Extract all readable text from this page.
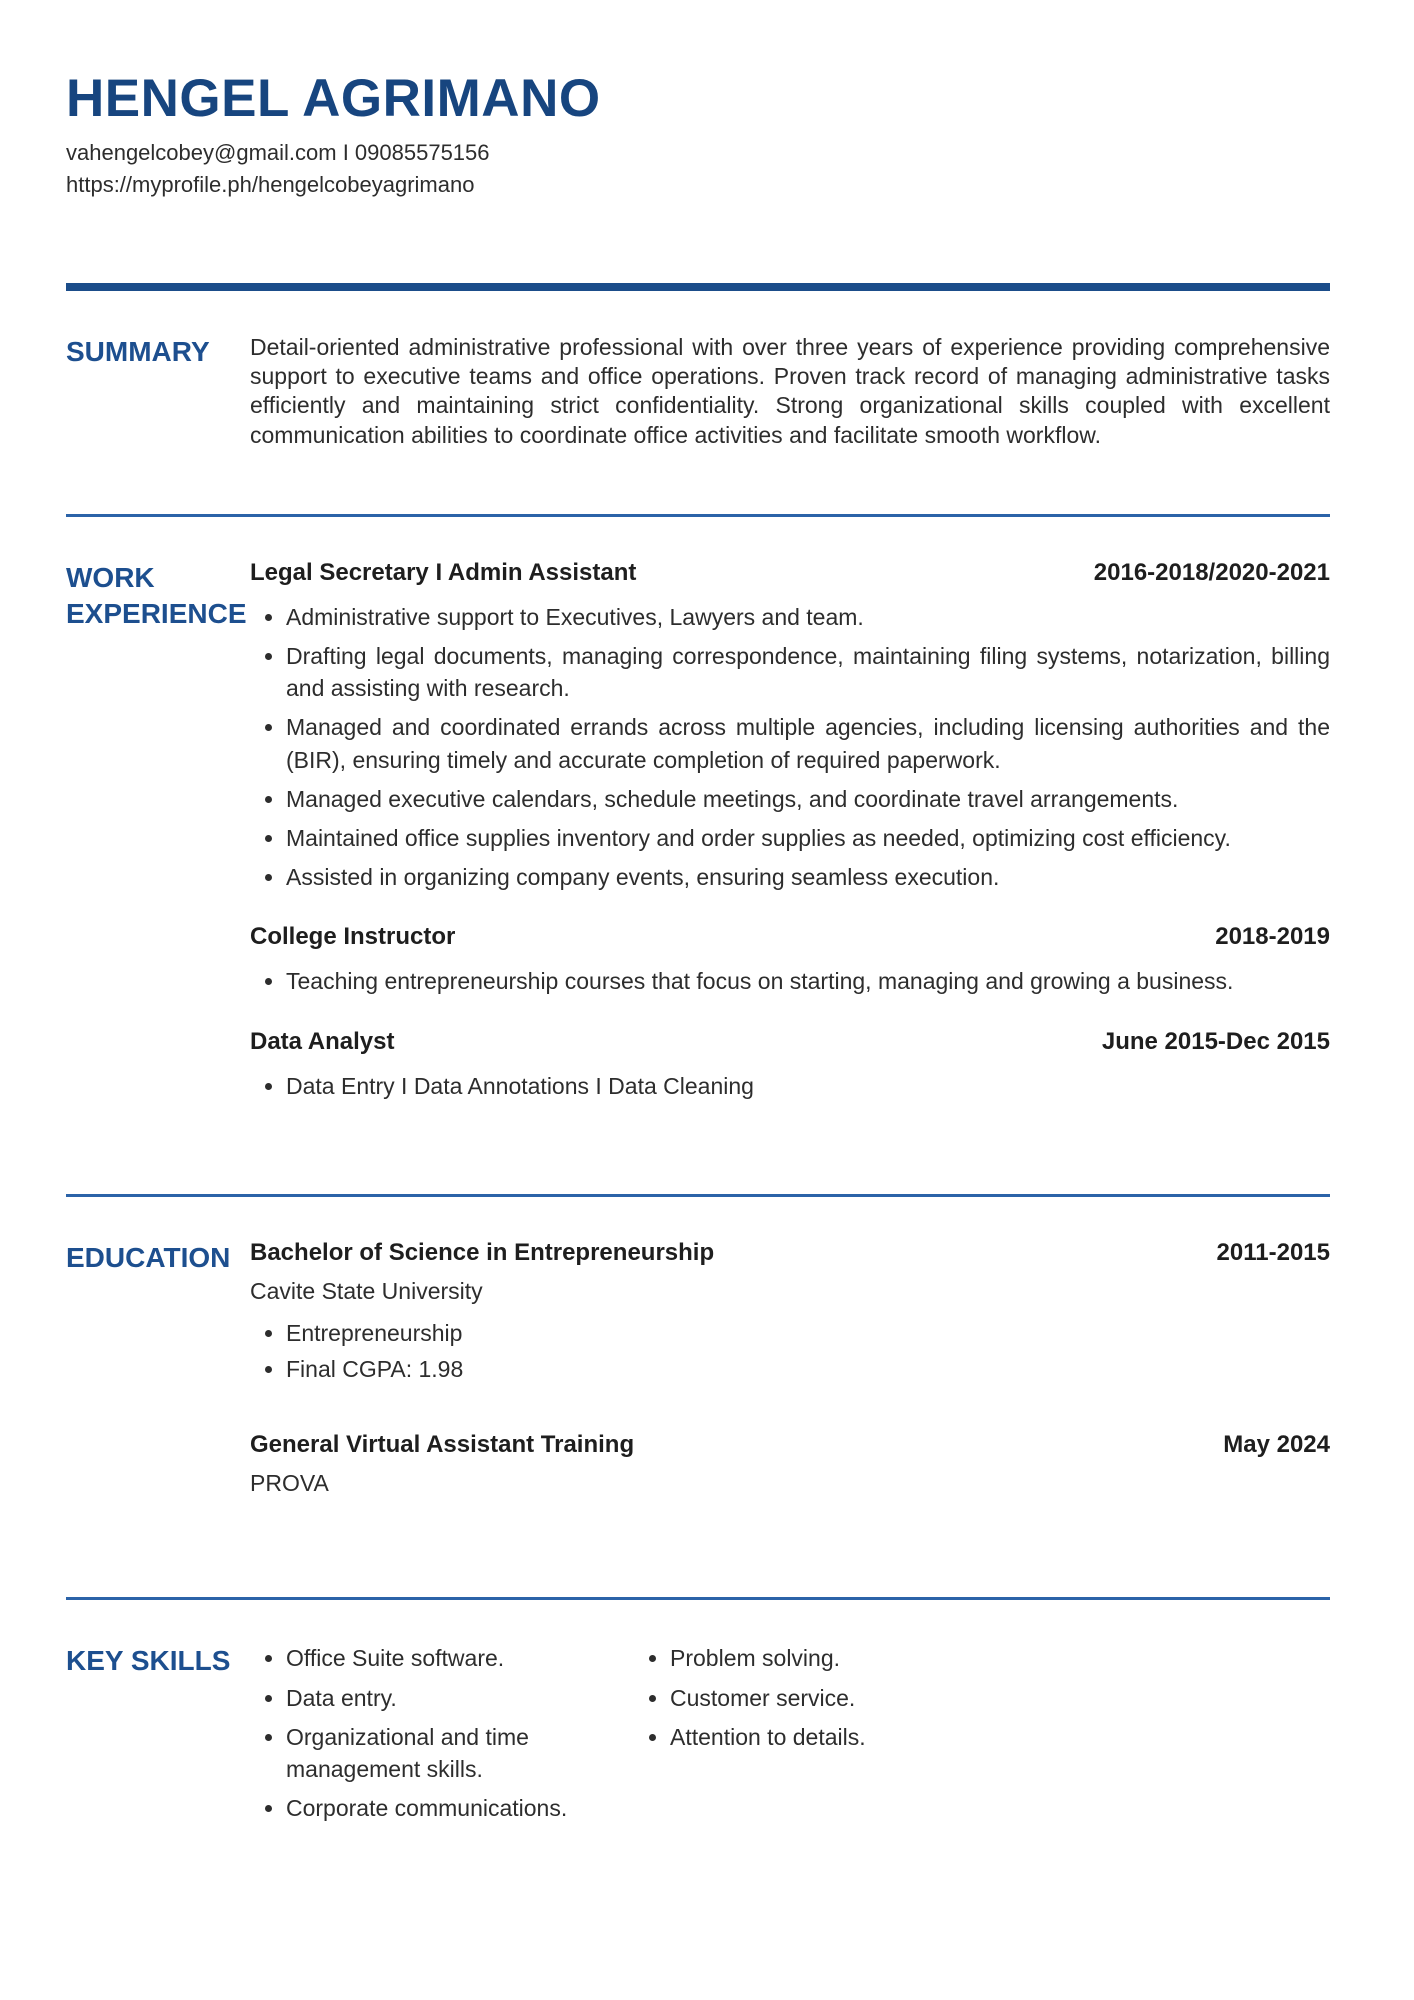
HENGEL AGRIMANO

vahengelcobey@gmail.com I 09085575156

https://myprofile.ph/hengelcobeyagrimano

SUMMARY	Detail-oriented administrative professional with over three years of experience providing comprehensive support to executive teams and office operations. Proven track record of managing administrative tasks efficiently and maintaining strict confidentiality. Strong organizational skills coupled with excellent communication abilities to coordinate office activities and facilitate smooth workflow.

WORK EXPERIENCE
Legal Secretary I Admin Assistant	2016-2018/2020-2021
• Administrative support to Executives, Lawyers and team.
• Drafting legal documents, managing correspondence, maintaining filing systems, notarization, billing and assisting with research.
• Managed and coordinated errands across multiple agencies, including licensing authorities and the (BIR), ensuring timely and accurate completion of required paperwork.
• Managed executive calendars, schedule meetings, and coordinate travel arrangements.
• Maintained office supplies inventory and order supplies as needed, optimizing cost efficiency.
• Assisted in organizing company events, ensuring seamless execution.
College Instructor	2018-2019
• Teaching entrepreneurship courses that focus on starting, managing and growing a business.
Data Analyst	June 2015-Dec 2015
• Data Entry I Data Annotations I Data Cleaning
EDUCATION Bachelor of Science in Entrepreneurship	2011-2015

Cavite State University

• Entrepreneurship
• Final CGPA: 1.98
General Virtual Assistant Training	May 2024

PROVA

KEY SKILLS	• Office Suite software.
• Data entry.
• Organizational and time management skills.
• Corporate communications.
• Problem solving.
• Customer service.
• Attention to details.
